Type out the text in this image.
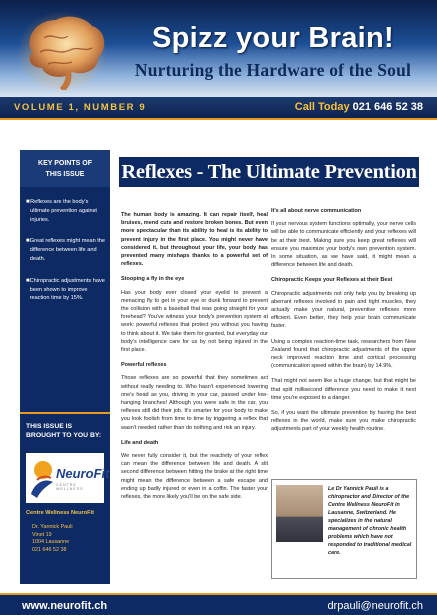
Spizz your Brain!
Nurturing the Hardware of the Soul
VOLUME 1, NUMBER 9	Call Today 021 646 52 38
KEY POINTS OF
THIS ISSUE
■ Reflexes are the body's ultimate prevention against injuries.
■ Great reflexes might mean the difference between life and death.
■ Chiropractic adjustments have been shown to improve reaction time by 15%.
THIS ISSUE IS
BROUGHT TO YOU BY:
NeuroFit
CENTRE WELLNESS
Centre Wellness NeuroFit
Dr. Yannick Pauli
Vinet 19
1004 Lausanne
021 646 52 38
Reflexes - The Ultimate Prevention

The human body is amazing. It can repair itself, heal bruises, mend cuts and restore broken bones. But even more spectacular than its ability to heal is its ability to prevent injury in the first place. You might never have considered it, but throughout your life, your body has prevented many mishaps thanks to a powerful set of reflexes.

Stooping a fly in the eye

Has your body ever closed your eyelid to prevent a menacing fly to get in your eye or dunk forward to prevent the collision with a baseball that was going straight for your forehead? You've witness your body's prevention system at work: powerful reflexes that protect you without you having to think about it. We take them for granted, but everyday our body's intelligence care for us by not being injured in the first place.

Powerful reflexes

Those reflexes are so powerful that they sometimes act without really needing to. Who hasn't experienced lowering one's head as you, driving in your car, passed under low-hanging branches! Although you were safe in the car, you reflexes still did their job. It's smarter for your body to make you look foolish from time to time by triggering a reflex that wasn't needed rather than do nothing and risk an injury.

Life and death

We never fully consider it, but the reactivity of your reflex can mean the difference between life and death. A slit second difference between hitting the brake at the right time might mean the difference between a safe escape and ending up badly injured or even in a coffin. The faster your reflexes, the more likely you'll be on the safe side.

It's all about nerve communication

If your nervous system functions optimally, your nerve cells will be able to communicate efficiently and your reflexes will be at their best. Making sure you keep great reflexes will ensure you maximize your body's own prevention system. In some situation, as we have said, it might mean a difference between life and death.

Chiropractic Keeps your Reflexes at their Best

Chiropractic adjustments not only help you by breaking up aberrant reflexes involved in pain and tight muscles, they actually make your natural, preventive reflexes more efficient. Even better, they help your brain communicate faster.

Using a complex reaction-time task, researchers from New Zealand found that chiropractic adjustments of the upper neck improved reaction time and cortical processing (communication speed within the brain) by 14.9%.

That might not seem like a huge change, but that might be that split millisecond difference you need to make it next time you're exposed to a danger.

So, if you want the ultimate prevention by having the best reflexes in the world, make sure you make chiropractic adjustments part of your weekly health routine.

Le Dr Yannick Pauli is a chiropractor and Director of the Centre Wellness NeuroFit in Lausanne, Switzerland. He specializes in the natural management of chronic health problems which have not responded to traditional medical care.

www.neurofit.ch	drpauli@neurofit.ch
